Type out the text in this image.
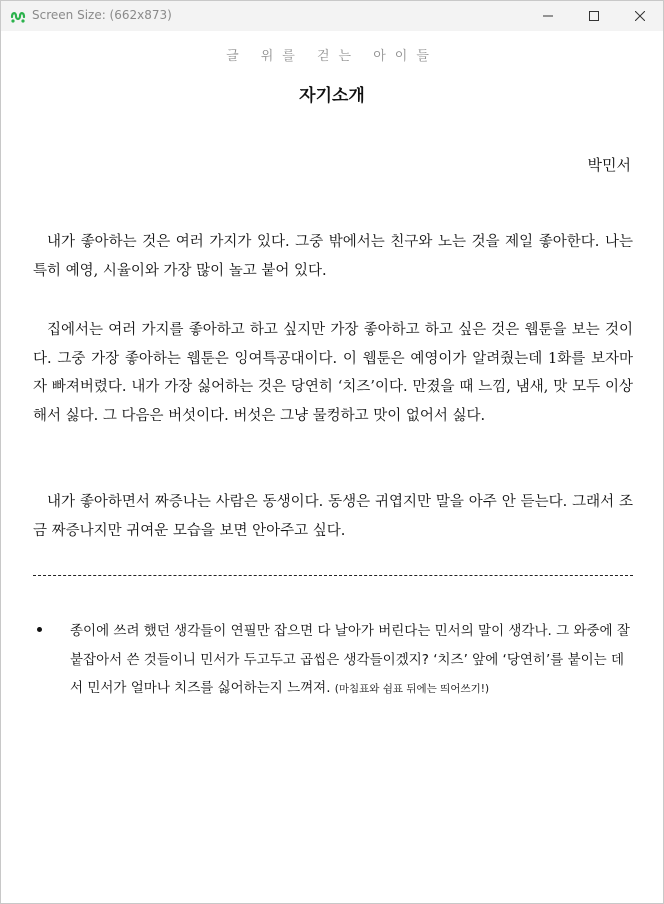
Screen Size: (662x873)
글 위를 걷는 아이들
자기소개
박민서

내가 좋아하는 것은 여러 가지가 있다. 그중 밖에서는 친구와 노는 것을 제일 좋아한다. 나는 특히 예영, 시율이와 가장 많이 놀고 붙어 있다.

집에서는 여러 가지를 좋아하고 하고 싶지만 가장 좋아하고 하고 싶은 것은 웹툰을 보는 것이다. 그중 가장 좋아하는 웹툰은 잉여특공대이다. 이 웹툰은 예영이가 알려줬는데 1화를 보자마자 빠져버렸다. 내가 가장 싫어하는 것은 당연히 ‘치즈’이다. 만졌을 때 느낌, 냄새, 맛 모두 이상해서 싫다. 그 다음은 버섯이다. 버섯은 그냥 물컹하고 맛이 없어서 싫다.

내가 좋아하면서 짜증나는 사람은 동생이다. 동생은 귀엽지만 말을 아주 안 듣는다. 그래서 조금 짜증나지만 귀여운 모습을 보면 안아주고 싶다.

종이에 쓰려 했던 생각들이 연필만 잡으면 다 날아가 버린다는 민서의 말이 생각나. 그 와중에 잘 붙잡아서 쓴 것들이니 민서가 두고두고 곱씹은 생각들이겠지? ‘치즈’ 앞에 ‘당연히’를 붙이는 데서 민서가 얼마나 치즈를 싫어하는지 느껴져. (마침표와 쉼표 뒤에는 띄어쓰기!)
